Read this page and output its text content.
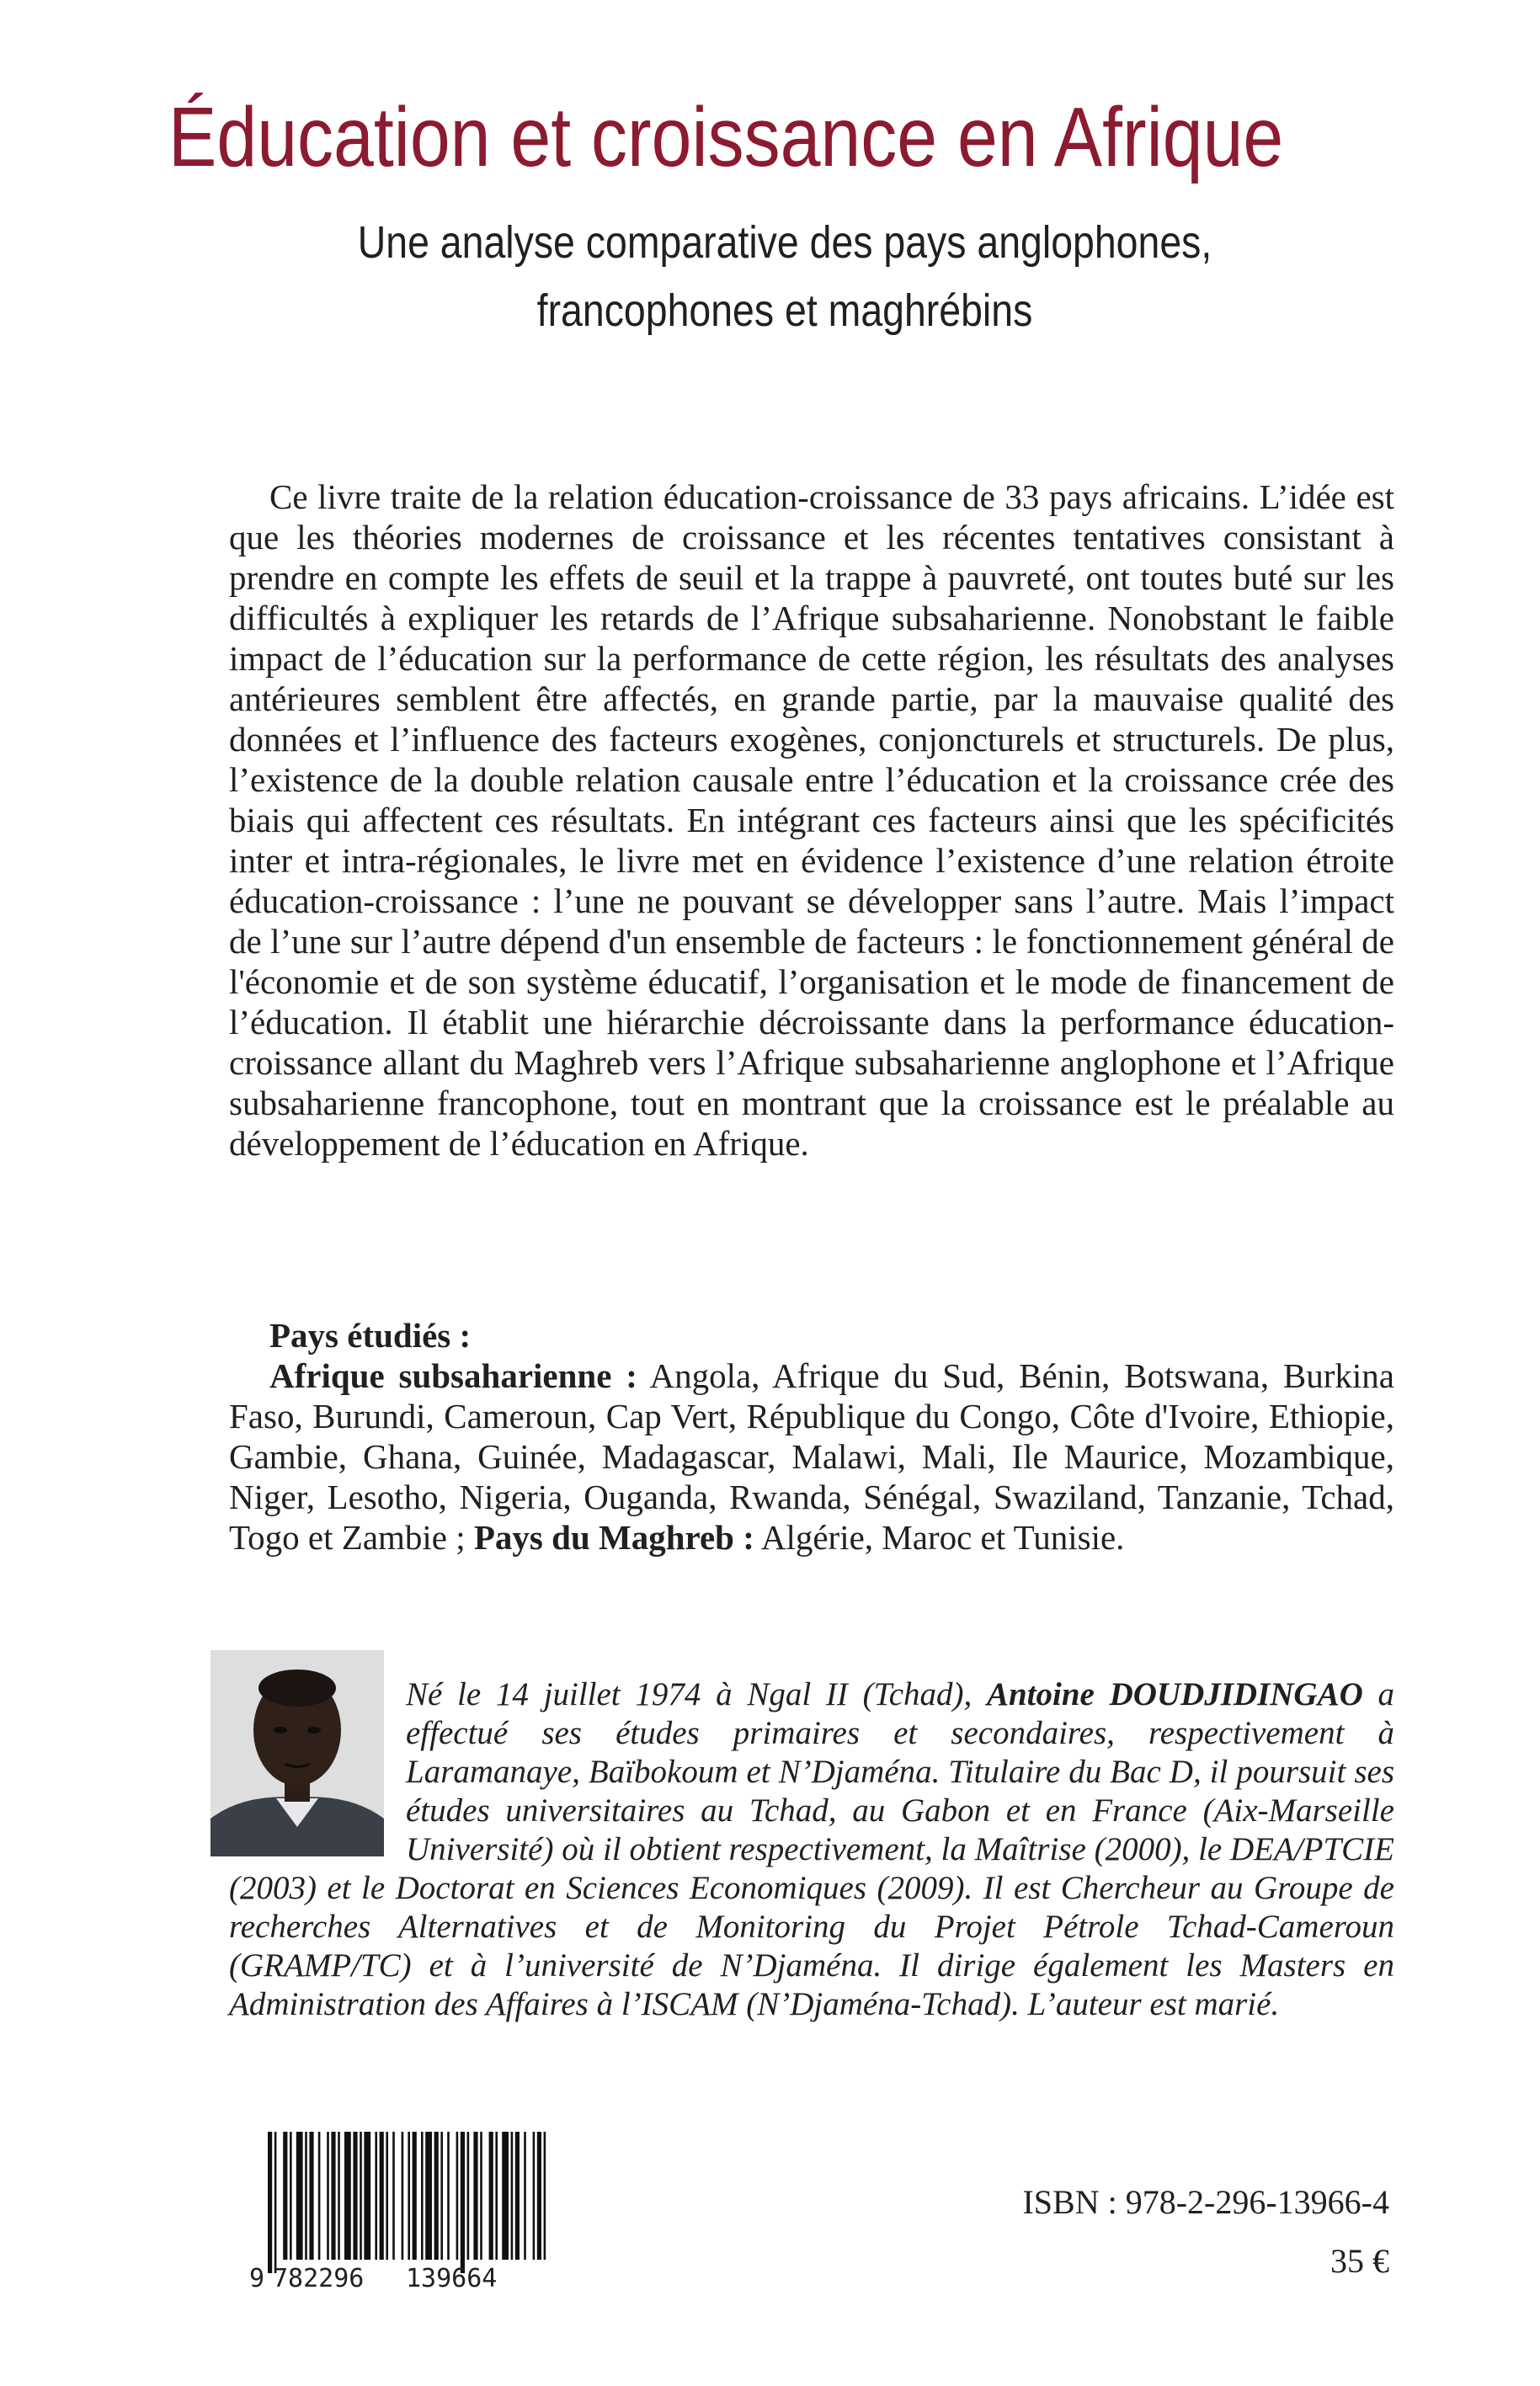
Éducation et croissance en Afrique
Une analyse comparative des pays anglophones,
francophones et maghrébins

Ce livre traite de la relation éducation-croissance de 33 pays africains. L’idée est que les théories modernes de croissance et les récentes tentatives consistant à prendre en compte les effets de seuil et la trappe à pauvreté, ont toutes buté sur les difficultés à expliquer les retards de l’Afrique subsaharienne. Nonobstant le faible impact de l’éducation sur la performance de cette région, les résultats des analyses antérieures semblent être affectés, en grande partie, par la mauvaise qualité des données et l’influence des facteurs exogènes, conjoncturels et structurels. De plus, l’existence de la double relation causale entre l’éducation et la croissance crée des biais qui affectent ces résultats. En intégrant ces facteurs ainsi que les spécificités inter et intra-régionales, le livre met en évidence l’existence d’une relation étroite éducation-croissance : l’une ne pouvant se développer sans l’autre. Mais l’impact de l’une sur l’autre dépend d'un ensemble de facteurs : le fonctionnement général de l'économie et de son système éducatif, l’organisation et le mode de financement de l’éducation. Il établit une hiérarchie décroissante dans la performance éducation-croissance allant du Maghreb vers l’Afrique subsaharienne anglophone et l’Afrique subsaharienne francophone, tout en montrant que la croissance est le préalable au développement de l’éducation en Afrique.

Pays étudiés :
Afrique subsaharienne : Angola, Afrique du Sud, Bénin, Botswana, Burkina Faso, Burundi, Cameroun, Cap Vert, République du Congo, Côte d'Ivoire, Ethiopie, Gambie, Ghana, Guinée, Madagascar, Malawi, Mali, Ile Maurice, Mozambique, Niger, Lesotho, Nigeria, Ouganda, Rwanda, Sénégal, Swaziland, Tanzanie, Tchad, Togo et Zambie ; Pays du Maghreb : Algérie, Maroc et Tunisie.
Né le 14 juillet 1974 à Ngal II (Tchad), Antoine DOUDJIDINGAO a effectué ses études primaires et secondaires, respectivement à Laramanaye, Baïbokoum et N’Djaména. Titulaire du Bac D, il poursuit ses études universitaires au Tchad, au Gabon et en France (Aix-Marseille Université) où il obtient respectivement, la Maîtrise (2000), le DEA/PTCIE (2003) et le Doctorat en Sciences Economiques (2009). Il est Chercheur au Groupe de recherches Alternatives et de Monitoring du Projet Pétrole Tchad-Cameroun (GRAMP/TC) et à l’université de N’Djaména. Il dirige également les Masters en Administration des Affaires à l’ISCAM (N’Djaména-Tchad). L’auteur est marié.
9 782296 139664
ISBN : 978-2-296-13966-4
35 €
